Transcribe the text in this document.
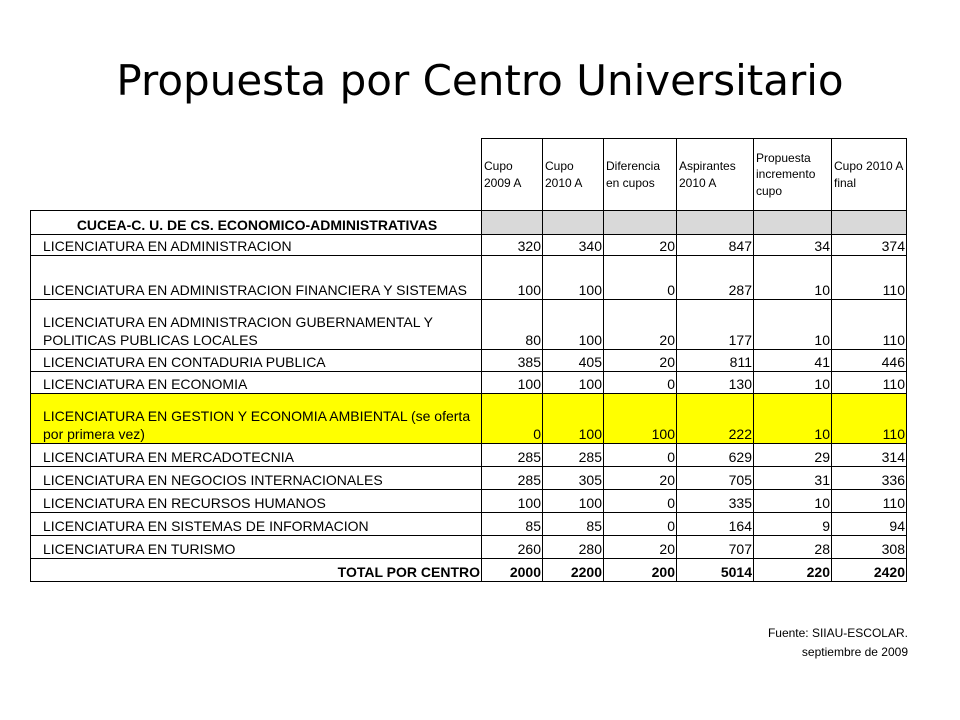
Propuesta por Centro Universitario
	Cupo 2009 A	Cupo 2010 A	Diferencia en cupos	Aspirantes 2010 A	Propuesta incremento cupo	Cupo 2010 A final
CUCEA-C. U. DE CS. ECONOMICO-ADMINISTRATIVAS						
LICENCIATURA EN ADMINISTRACION	320	340	20	847	34	374
LICENCIATURA EN ADMINISTRACION FINANCIERA Y SISTEMAS	100	100	0	287	10	110
LICENCIATURA EN ADMINISTRACION GUBERNAMENTAL Y POLITICAS PUBLICAS LOCALES	80	100	20	177	10	110
LICENCIATURA EN CONTADURIA PUBLICA	385	405	20	811	41	446
LICENCIATURA EN ECONOMIA	100	100	0	130	10	110
LICENCIATURA EN GESTION Y ECONOMIA AMBIENTAL (se oferta por primera vez)	0	100	100	222	10	110
LICENCIATURA EN MERCADOTECNIA	285	285	0	629	29	314
LICENCIATURA EN NEGOCIOS INTERNACIONALES	285	305	20	705	31	336
LICENCIATURA EN RECURSOS HUMANOS	100	100	0	335	10	110
LICENCIATURA EN SISTEMAS DE INFORMACION	85	85	0	164	9	94
LICENCIATURA EN TURISMO	260	280	20	707	28	308
TOTAL POR CENTRO	2000	2200	200	5014	220	2420
Fuente: SIIAU-ESCOLAR.
septiembre de 2009
